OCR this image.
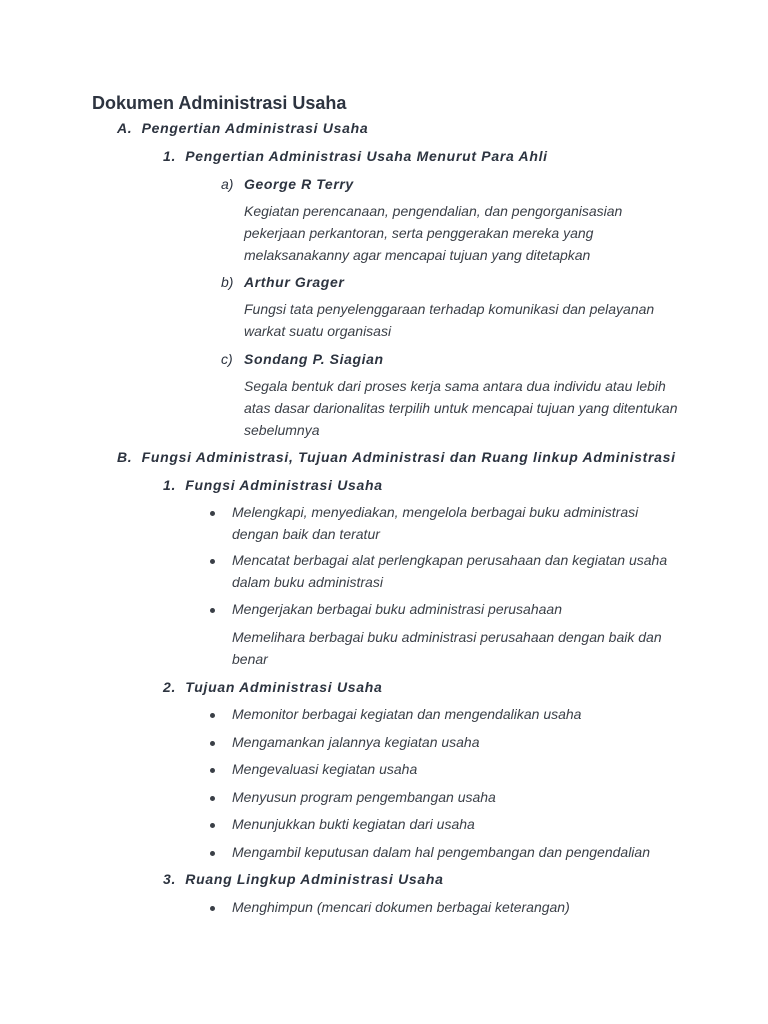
Dokumen Administrasi Usaha
A. Pengertian Administrasi Usaha
1. Pengertian Administrasi Usaha Menurut Para Ahli
a) George R Terry
Kegiatan perencanaan, pengendalian, dan pengorganisasian pekerjaan perkantoran, serta penggerakan mereka yang melaksanakanny agar mencapai tujuan yang ditetapkan
b) Arthur Grager
Fungsi tata penyelenggaraan terhadap komunikasi dan pelayanan warkat suatu organisasi
c) Sondang P. Siagian
Segala bentuk dari proses kerja sama antara dua individu atau lebih atas dasar darionalitas terpilih untuk mencapai tujuan yang ditentukan sebelumnya
B. Fungsi Administrasi, Tujuan Administrasi dan Ruang linkup Administrasi
1. Fungsi Administrasi Usaha
Melengkapi, menyediakan, mengelola berbagai buku administrasi dengan baik dan teratur
Mencatat berbagai alat perlengkapan perusahaan dan kegiatan usaha dalam buku administrasi
Mengerjakan berbagai buku administrasi perusahaan
Memelihara berbagai buku administrasi perusahaan dengan baik dan benar
2. Tujuan Administrasi Usaha
Memonitor berbagai kegiatan dan mengendalikan usaha
Mengamankan jalannya kegiatan usaha
Mengevaluasi kegiatan usaha
Menyusun program pengembangan usaha
Menunjukkan bukti kegiatan dari usaha
Mengambil keputusan dalam hal pengembangan dan pengendalian
3. Ruang Lingkup Administrasi Usaha
Menghimpun (mencari dokumen berbagai keterangan)
